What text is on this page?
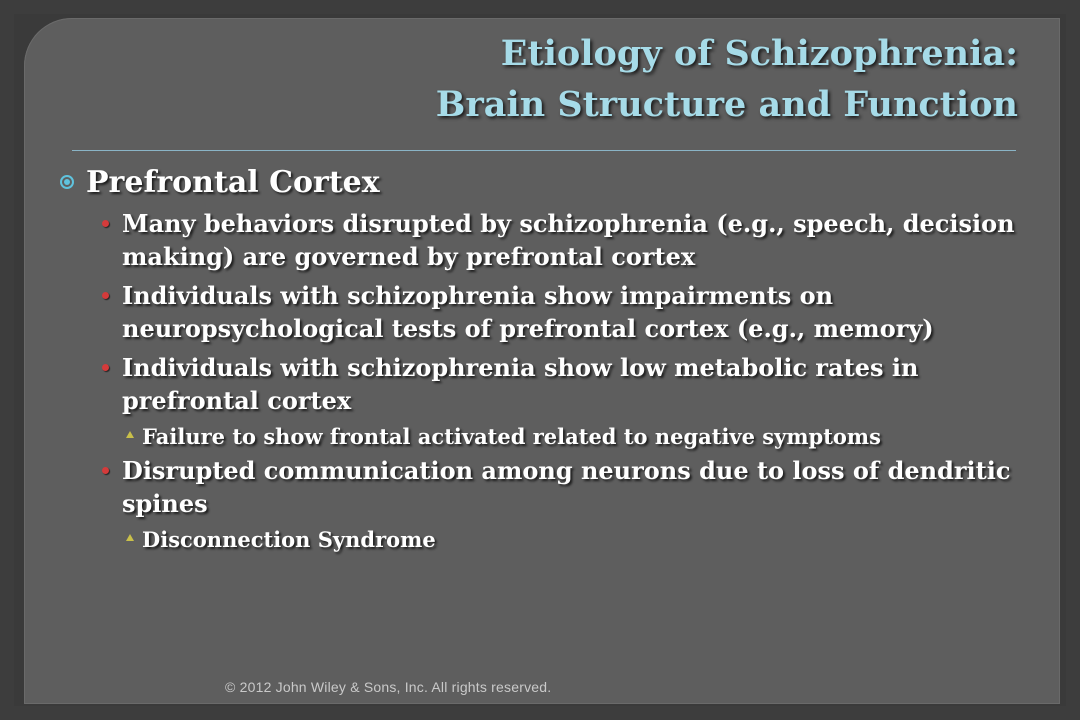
Etiology of Schizophrenia:
Brain Structure and Function
Prefrontal Cortex
Many behaviors disrupted by schizophrenia (e.g., speech, decision making) are governed by prefrontal cortex
Individuals with schizophrenia show impairments on neuropsychological tests of prefrontal cortex (e.g., memory)
Individuals with schizophrenia show low metabolic rates in prefrontal cortex
Failure to show frontal activated related to negative symptoms
Disrupted communication among neurons due to loss of dendritic spines
Disconnection Syndrome
© 2012 John Wiley & Sons, Inc. All rights reserved.
